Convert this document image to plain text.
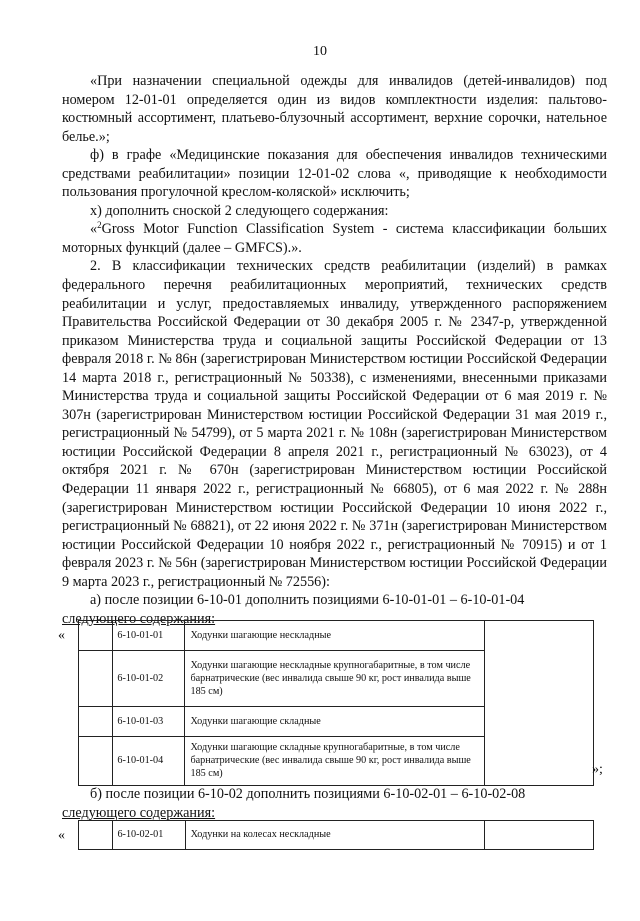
10

«При назначении специальной одежды для инвалидов (детей-инвалидов) под номером 12-01-01 определяется один из видов комплектности изделия: пальтово-костюмный ассортимент, платьево-блузочный ассортимент, верхние сорочки, нательное белье.»;

ф) в графе «Медицинские показания для обеспечения инвалидов техническими средствами реабилитации» позиции 12-01-02 слова «, приводящие к необходимости пользования прогулочной креслом-коляской» исключить;

х) дополнить сноской 2 следующего содержания:

«$^2$Gross Motor Function Classification System - система классификации больших моторных функций (далее – GMFCS).».

2. В классификации технических средств реабилитации (изделий) в рамках федерального перечня реабилитационных мероприятий, технических средств реабилитации и услуг, предоставляемых инвалиду, утвержденного распоряжением Правительства Российской Федерации от 30 декабря 2005 г. № 2347-р, утвержденной приказом Министерства труда и социальной защиты Российской Федерации от 13 февраля 2018 г. № 86н (зарегистрирован Министерством юстиции Российской Федерации 14 марта 2018 г., регистрационный № 50338), с изменениями, внесенными приказами Министерства труда и социальной защиты Российской Федерации от 6 мая 2019 г. № 307н (зарегистрирован Министерством юстиции Российской Федерации 31 мая 2019 г., регистрационный № 54799), от 5 марта 2021 г. № 108н (зарегистрирован Министерством юстиции Российской Федерации 8 апреля 2021 г., регистрационный № 63023), от 4 октября 2021 г. № 670н (зарегистрирован Министерством юстиции Российской Федерации 11 января 2022 г., регистрационный № 66805), от 6 мая 2022 г. № 288н (зарегистрирован Министерством юстиции Российской Федерации 10 июня 2022 г., регистрационный № 68821), от 22 июня 2022 г. № 371н (зарегистрирован Министерством юстиции Российской Федерации 10 ноября 2022 г., регистрационный № 70915) и от 1 февраля 2023 г. № 56н (зарегистрирован Министерством юстиции Российской Федерации 9 марта 2023 г., регистрационный № 72556):

а) после позиции 6-10-01 дополнить позициями 6-10-01-01 – 6-10-01-04

следующего содержания:

«
		6-10-01-01	Ходунки шагающие нескладные	
	6-10-01-02	Ходунки шагающие нескладные крупногабаритные, в том числе барнатрические (вес инвалида свыше 90 кг, рост инвалида выше 185 см)	
	6-10-01-03	Ходунки шагающие складные	
	6-10-01-04	Ходунки шагающие складные крупногабаритные, в том числе барнатрические (вес инвалида свыше 90 кг, рост инвалида выше 185 см)		»;

б) после позиции 6-10-02 дополнить позициями 6-10-02-01 – 6-10-02-08

следующего содержания:

«
		6-10-02-01	Ходунки на колесах нескладные	
